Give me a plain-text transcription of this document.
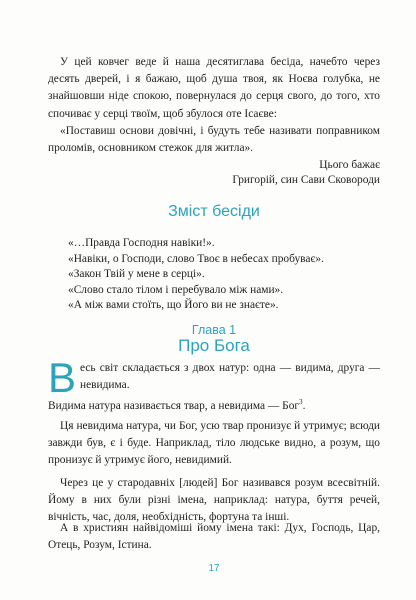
У цей ковчег веде й наша десятиглава бесіда, начебто через десять дверей, і я бажаю, щоб душа твоя, як Ноєва голубка, не знайшовши ніде спокою, повернулася до серця свого, до того, хто спочиває у серці твоїм, щоб збулося оте Ісаєве:

«Поставиш основи довічні, і будуть тебе називати поправником проломів, основником стежок для житла».

Цього бажає
Григорій, син Сави Сковороди
Зміст бесіди
«…Правда Господня навіки!».
«Навіки, о Господи, слово Твоє в небесах пробуває».
«Закон Твій у мене в серці».
«Слово стало тілом і перебувало між нами».
«А між вами стоїть, що Його ви не знаєте».
Глава 1
Про Бога

Весь світ складається з двох натур: одна — видима, друга — невидима.

Видима натура називається твар, а невидима — Бог$^3$.

Ця невидима натура, чи Бог, усю твар пронизує й утримує; всюди завжди був, є і буде. Наприклад, тіло людське видно, а розум, що пронизує й утримує його, невидимий.

Через це у стародавніх [людей] Бог називався розум всесвітній. Йому в них були різні імена, наприклад: натура, буття речей, вічність, час, доля, необхідність, фортуна та інші.

А в християн найвідоміші йому імена такі: Дух, Господь, Цар, Отець, Розум, Істина.

17
